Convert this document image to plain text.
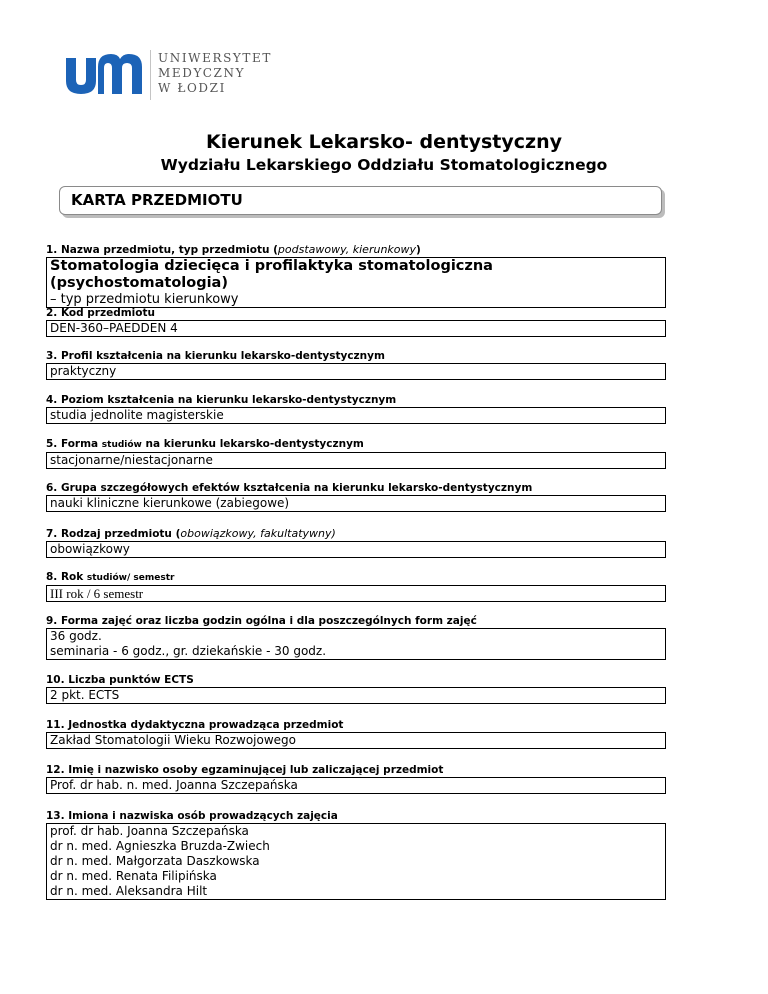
UNIWERSYTET
MEDYCZNY
W ŁODZI
Kierunek Lekarsko- dentystyczny
Wydziału Lekarskiego Oddziału Stomatologicznego
KARTA PRZEDMIOTU
1. Nazwa przedmiotu, typ przedmiotu (podstawowy, kierunkowy)
Stomatologia dziecięca i profilaktyka stomatologiczna (psychostomatologia)
– typ przedmiotu kierunkowy
2. Kod przedmiotu
DEN-360–PAEDDEN 4
3. Profil kształcenia na kierunku lekarsko-dentystycznym
praktyczny
4. Poziom kształcenia na kierunku lekarsko-dentystycznym
studia jednolite magisterskie
5. Forma studiów na kierunku lekarsko-dentystycznym
stacjonarne/niestacjonarne
6. Grupa szczegółowych efektów kształcenia na kierunku lekarsko-dentystycznym
nauki kliniczne kierunkowe (zabiegowe)
7. Rodzaj przedmiotu (obowiązkowy, fakultatywny)
obowiązkowy
8. Rok studiów/ semestr
III rok / 6 semestr
9. Forma zajęć oraz liczba godzin ogólna i dla poszczególnych form zajęć
36 godz.
seminaria - 6 godz., gr. dziekańskie - 30 godz.
10. Liczba punktów ECTS
2 pkt. ECTS
11. Jednostka dydaktyczna prowadząca przedmiot
Zakład Stomatologii Wieku Rozwojowego
12. Imię i nazwisko osoby egzaminującej lub zaliczającej przedmiot
Prof. dr hab. n. med. Joanna Szczepańska
13. Imiona i nazwiska osób prowadzących zajęcia
prof. dr hab. Joanna Szczepańska
dr n. med. Agnieszka Bruzda-Zwiech
dr n. med. Małgorzata Daszkowska
dr n. med. Renata Filipińska
dr n. med. Aleksandra Hilt
